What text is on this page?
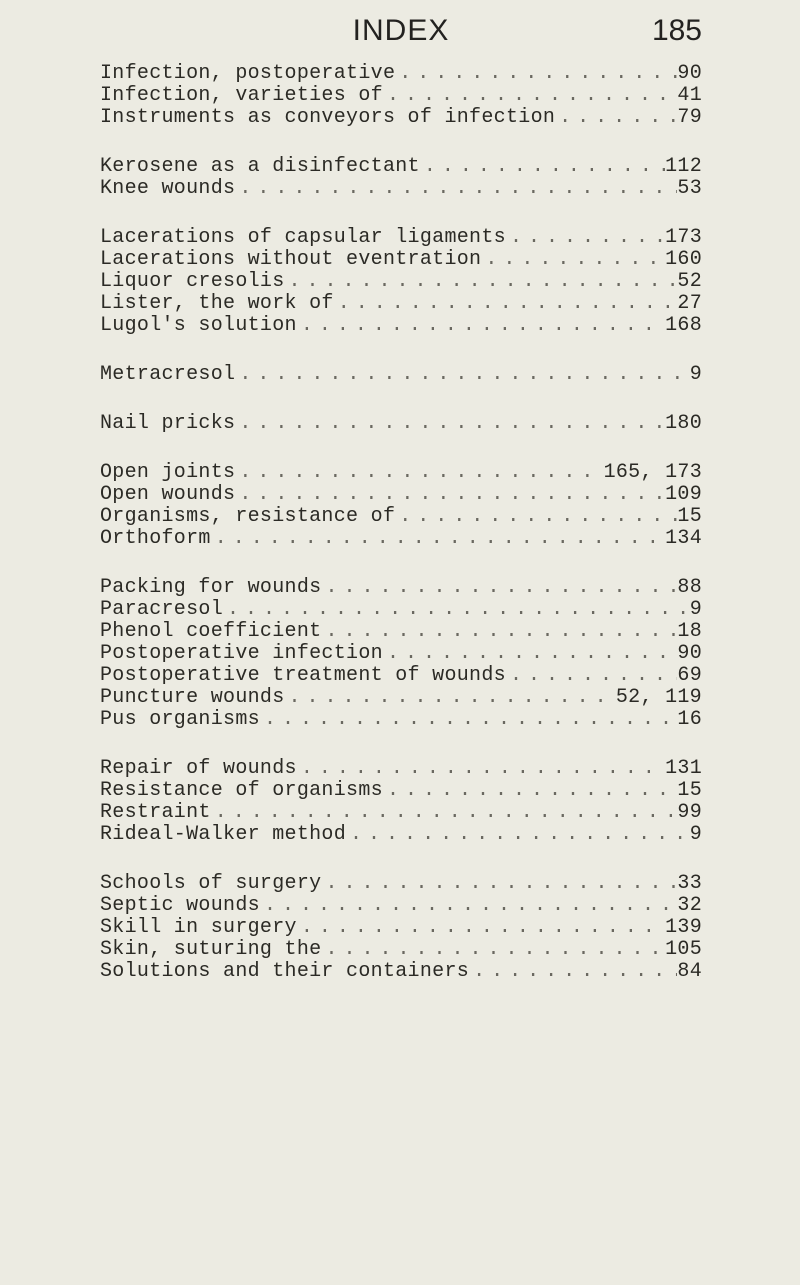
INDEX	185
Infection, postoperative . . .	90
Infection, varieties of . . .	41
Instruments as conveyors of infection . . .	79
Kerosene as a disinfectant . . .	112
Knee wounds . . .	53
Lacerations of capsular ligaments . . .	173
Lacerations without eventration . . .	160
Liquor cresolis . . .	52
Lister, the work of . . .	27
Lugol's solution . . .	168
Metracresol . . .	9
Nail pricks . . .	180
Open joints . . .	165, 173
Open wounds . . .	109
Organisms, resistance of . . .	15
Orthoform . . .	134
Packing for wounds . . .	88
Paracresol . . .	9
Phenol coefficient . . .	18
Postoperative infection . . .	90
Postoperative treatment of wounds . . .	69
Puncture wounds . . .	52, 119
Pus organisms . . .	16
Repair of wounds . . .	131
Resistance of organisms . . .	15
Restraint . . .	99
Rideal-Walker method . . .	9
Schools of surgery . . .	33
Septic wounds . . .	32
Skill in surgery . . .	139
Skin, suturing the . . .	105
Solutions and their containers . . .	84
